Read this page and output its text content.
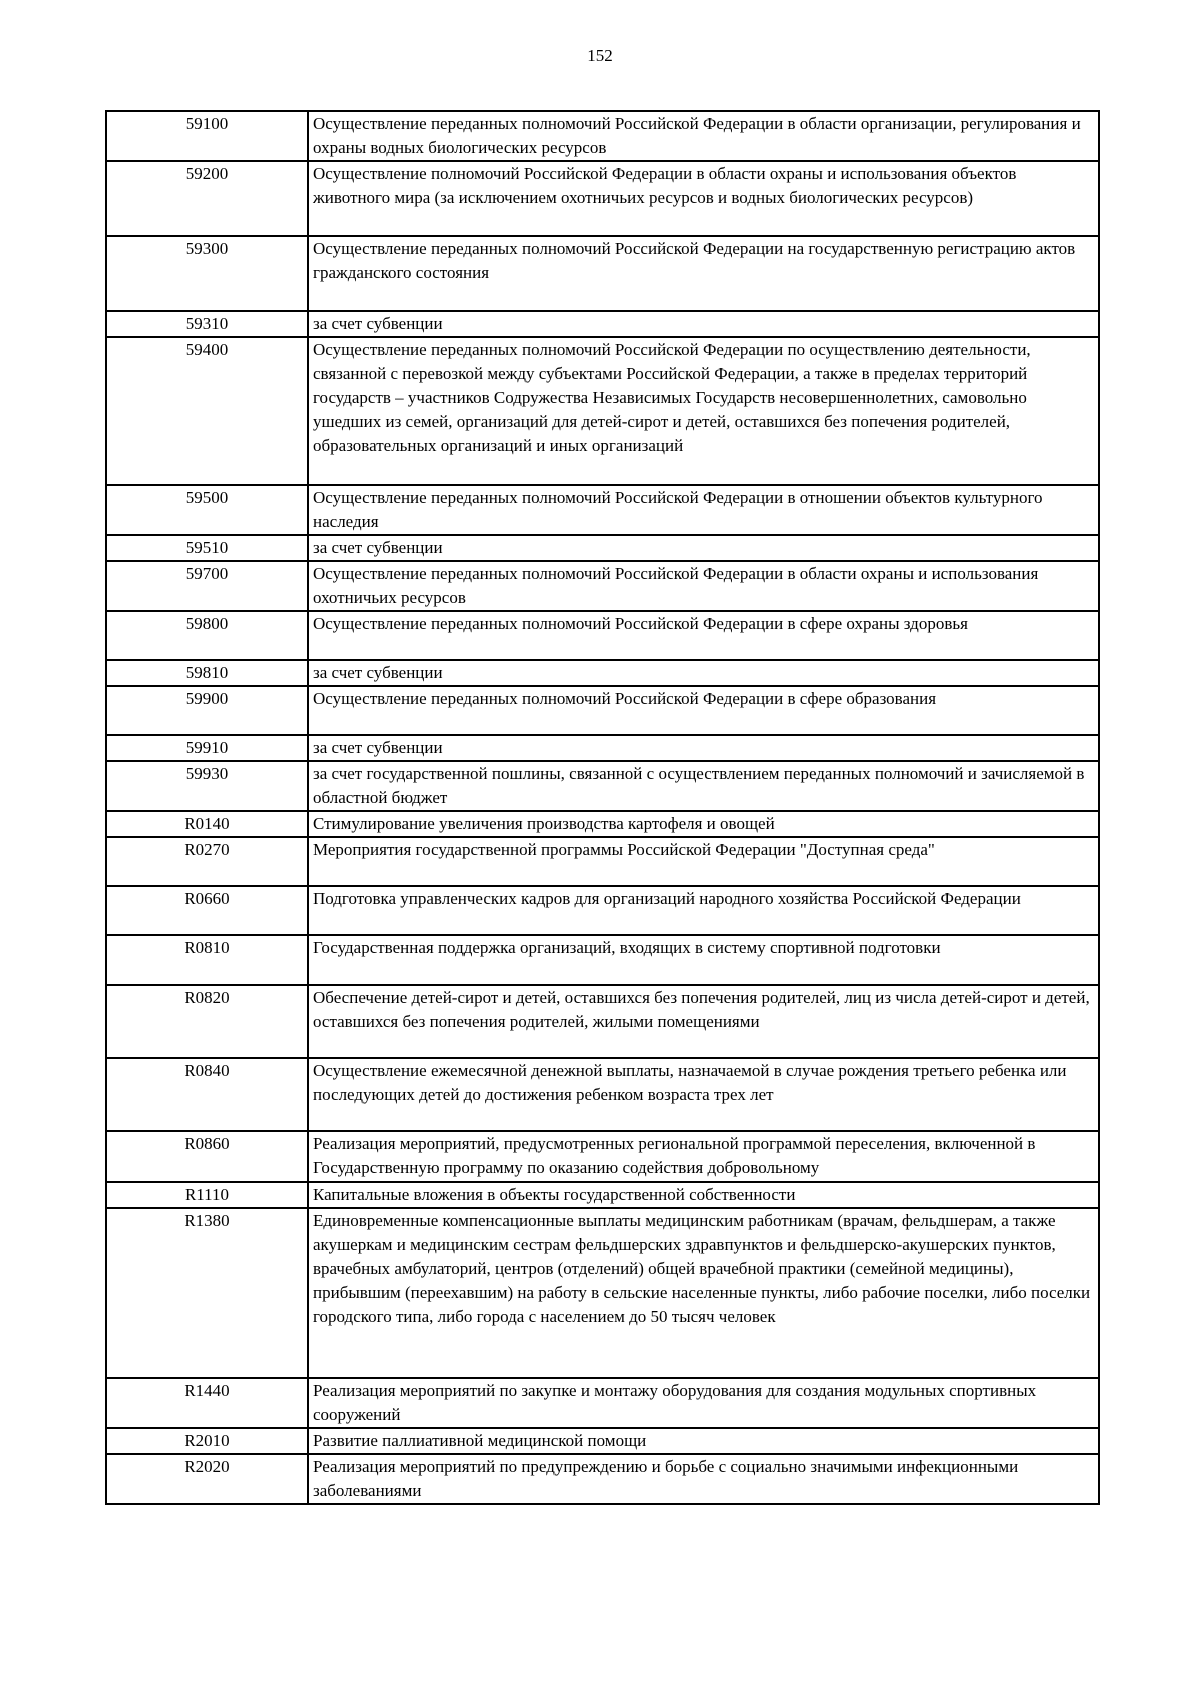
152
59100	Осуществление переданных полномочий Российской Федерации в области организации, регулирования и охраны водных биологических ресурсов
59200	Осуществление полномочий Российской Федерации в области охраны и использования объектов животного мира (за исключением охотничьих ресурсов и водных биологических ресурсов)
59300	Осуществление переданных полномочий Российской Федерации на государственную регистрацию актов гражданского состояния
59310	за счет субвенции
59400	Осуществление переданных полномочий Российской Федерации по осуществлению деятельности, связанной с перевозкой между субъектами Российской Федерации, а также в пределах территорий государств – участников Содружества Независимых Государств несовершеннолетних, самовольно ушедших из семей, организаций для детей-сирот и детей, оставшихся без попечения родителей, образовательных организаций и иных организаций
59500	Осуществление переданных полномочий Российской Федерации в отношении объектов культурного наследия
59510	за счет субвенции
59700	Осуществление переданных полномочий Российской Федерации в области охраны и использования охотничьих ресурсов
59800	Осуществление переданных полномочий Российской Федерации в сфере охраны здоровья
59810	за счет субвенции
59900	Осуществление переданных полномочий Российской Федерации в сфере образования
59910	за счет субвенции
59930	за счет государственной пошлины, связанной с осуществлением переданных полномочий и зачисляемой в областной бюджет
R0140	Стимулирование увеличения производства картофеля и овощей
R0270	Мероприятия государственной программы Российской Федерации "Доступная среда"
R0660	Подготовка управленческих кадров для организаций народного хозяйства Российской Федерации
R0810	Государственная поддержка организаций, входящих в систему спортивной подготовки
R0820	Обеспечение детей-сирот и детей, оставшихся без попечения родителей, лиц из числа детей-сирот и детей, оставшихся без попечения родителей, жилыми помещениями
R0840	Осуществление ежемесячной денежной выплаты, назначаемой в случае рождения третьего ребенка или последующих детей до достижения ребенком возраста трех лет
R0860	Реализация мероприятий, предусмотренных региональной программой переселения, включенной в Государственную программу по оказанию содействия добровольному
R1110	Капитальные вложения в объекты государственной собственности
R1380	Единовременные компенсационные выплаты медицинским работникам (врачам, фельдшерам, а также акушеркам и медицинским сестрам фельдшерских здравпунктов и фельдшерско-акушерских пунктов, врачебных амбулаторий, центров (отделений) общей врачебной практики (семейной медицины), прибывшим (переехавшим) на работу в сельские населенные пункты, либо рабочие поселки, либо поселки городского типа, либо города с населением до 50 тысяч человек
R1440	Реализация мероприятий по закупке и монтажу оборудования для создания модульных спортивных сооружений
R2010	Развитие паллиативной медицинской помощи
R2020	Реализация мероприятий по предупреждению и борьбе с социально значимыми инфекционными заболеваниями
